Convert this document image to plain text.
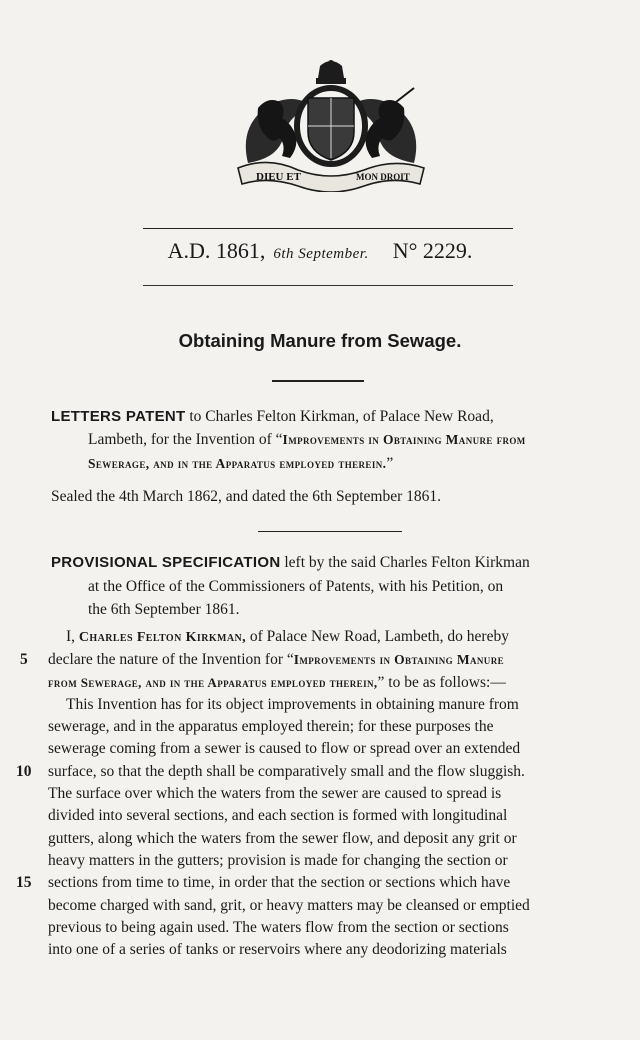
DIEU ET	MON DROIT
A.D. 1861, 6th September. N° 2229.
Obtaining Manure from Sewage.
LETTERS PATENT to Charles Felton Kirkman, of Palace New Road,
Lambeth, for the Invention of “Improvements in Obtaining Manure from
Sewerage, and in the Apparatus employed therein.”
Sealed the 4th March 1862, and dated the 6th September 1861.
PROVISIONAL SPECIFICATION left by the said Charles Felton Kirkman
at the Office of the Commissioners of Patents, with his Petition, on
the 6th September 1861.
I, Charles Felton Kirkman, of Palace New Road, Lambeth, do hereby
5 declare the nature of the Invention for “Improvements in Obtaining Manure
from Sewerage, and in the Apparatus employed therein,” to be as follows:—
This Invention has for its object improvements in obtaining manure from
sewerage, and in the apparatus employed therein; for these purposes the
sewerage coming from a sewer is caused to flow or spread over an extended
10 surface, so that the depth shall be comparatively small and the flow sluggish.
The surface over which the waters from the sewer are caused to spread is
divided into several sections, and each section is formed with longitudinal
gutters, along which the waters from the sewer flow, and deposit any grit or
heavy matters in the gutters; provision is made for changing the section or
15 sections from time to time, in order that the section or sections which have
become charged with sand, grit, or heavy matters may be cleansed or emptied
previous to being again used. The waters flow from the section or sections
into one of a series of tanks or reservoirs where any deodorizing materials
